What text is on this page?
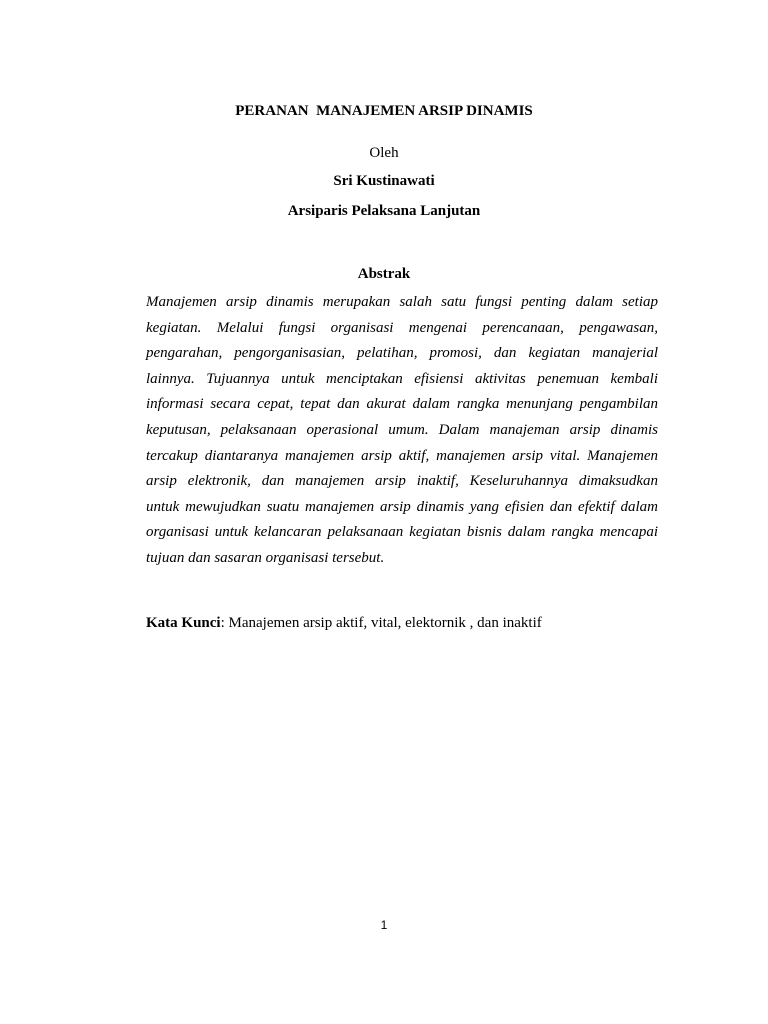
PERANAN  MANAJEMEN ARSIP DINAMIS
Oleh
Sri Kustinawati
Arsiparis Pelaksana Lanjutan
Abstrak
Manajemen arsip dinamis merupakan salah satu fungsi penting dalam setiap
kegiatan. Melalui fungsi organisasi mengenai perencanaan, pengawasan,
pengarahan, pengorganisasian, pelatihan, promosi, dan kegiatan manajerial
lainnya. Tujuannya untuk menciptakan efisiensi aktivitas penemuan kembali
informasi secara cepat, tepat dan akurat dalam rangka menunjang pengambilan
keputusan, pelaksanaan operasional umum. Dalam manajeman arsip dinamis
tercakup diantaranya manajemen arsip aktif, manajemen arsip vital. Manajemen
arsip elektronik, dan manajemen arsip inaktif, Keseluruhannya dimaksudkan
untuk mewujudkan suatu manajemen arsip dinamis yang efisien dan efektif dalam
organisasi untuk kelancaran pelaksanaan kegiatan bisnis dalam rangka mencapai
tujuan dan sasaran organisasi tersebut.
Kata Kunci: Manajemen arsip aktif, vital, elektornik , dan inaktif
1
